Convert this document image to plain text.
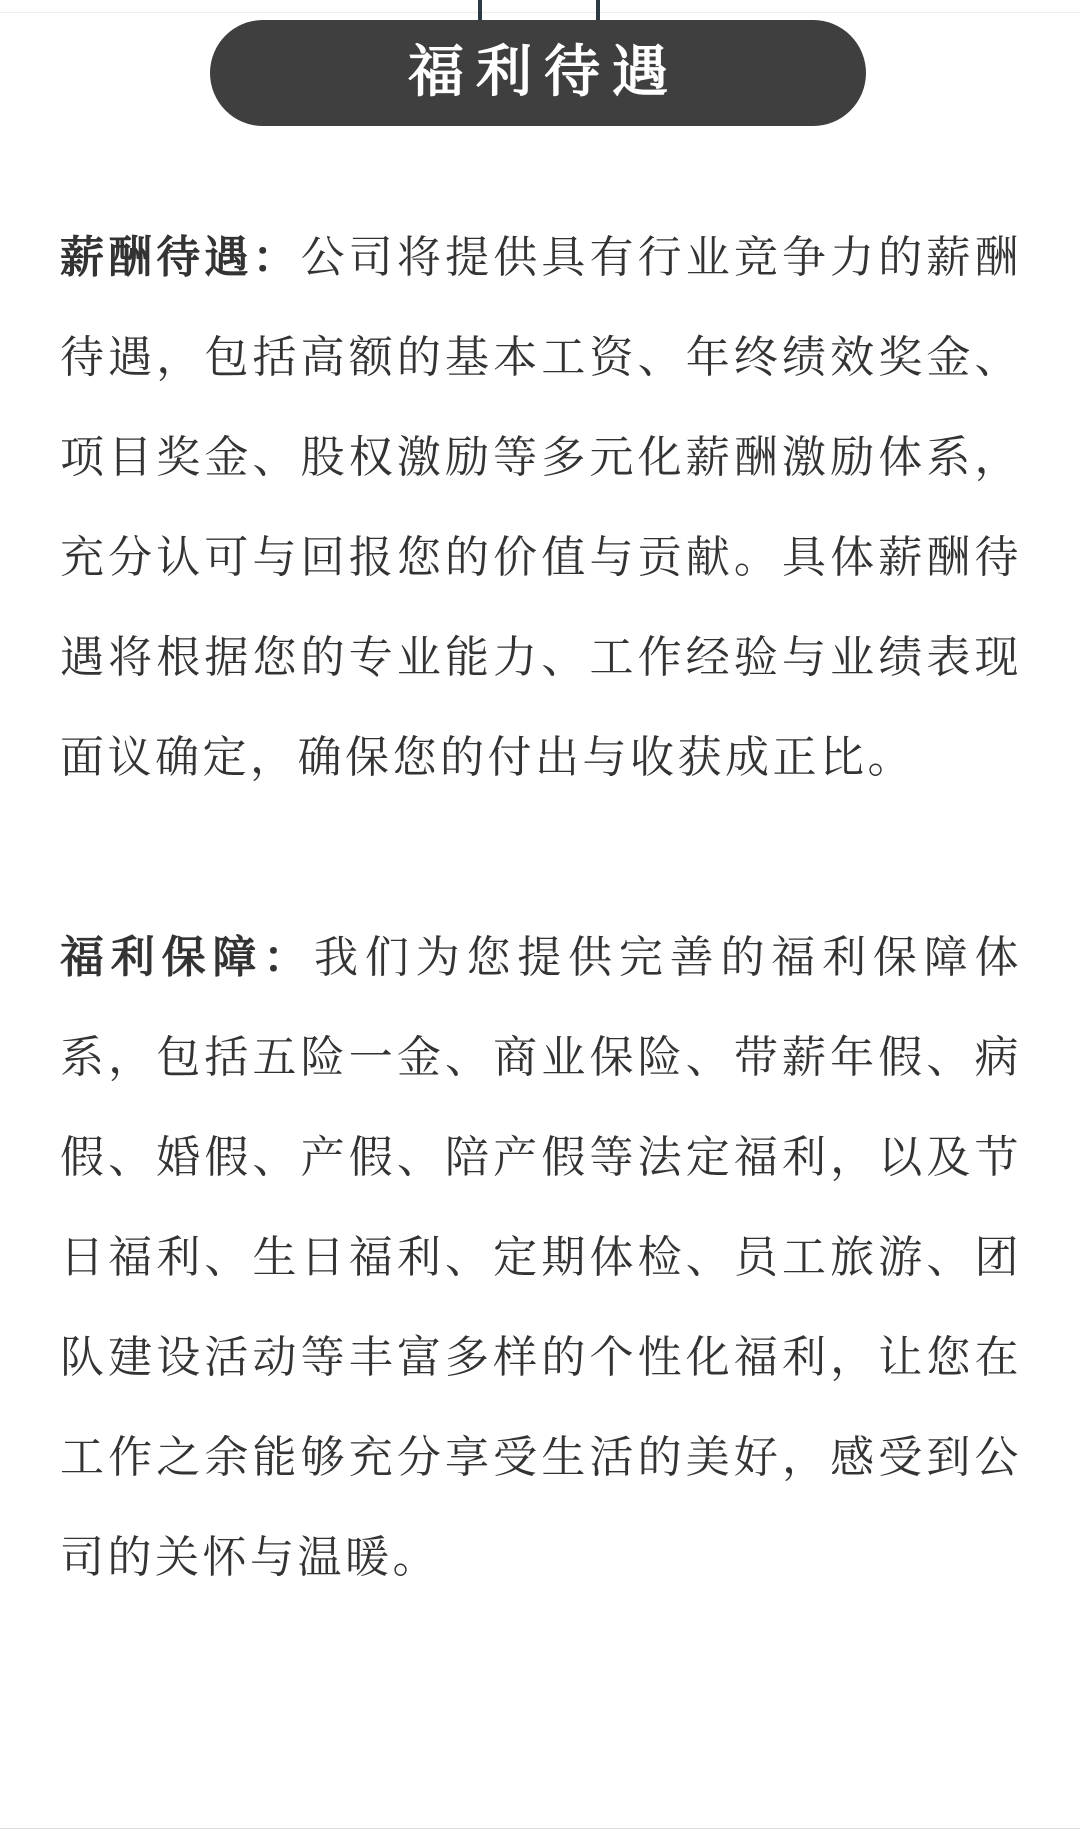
福利待遇

薪酬待遇：公司将提供具有行业竞争力的薪酬待遇，包括高额的基本工资、年终绩效奖金、项目奖金、股权激励等多元化薪酬激励体系，充分认可与回报您的价值与贡献。具体薪酬待遇将根据您的专业能力、工作经验与业绩表现面议确定，确保您的付出与收获成正比。

福利保障：我们为您提供完善的福利保障体系，包括五险一金、商业保险、带薪年假、病假、婚假、产假、陪产假等法定福利，以及节日福利、生日福利、定期体检、员工旅游、团队建设活动等丰富多样的个性化福利，让您在工作之余能够充分享受生活的美好，感受到公司的关怀与温暖。
